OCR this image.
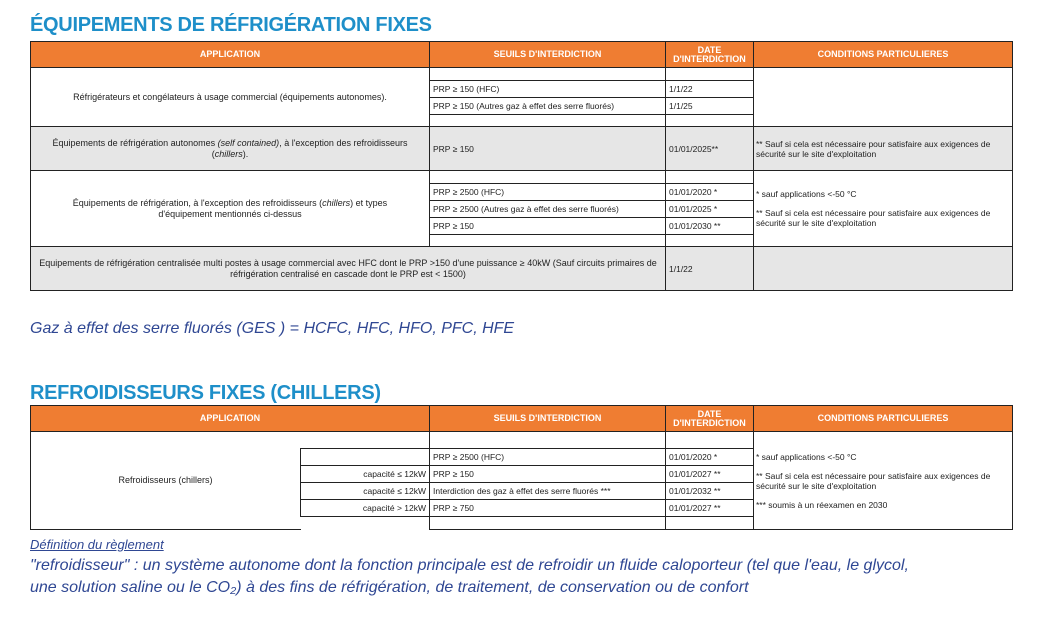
ÉQUIPEMENTS DE RÉFRIGÉRATION FIXES
APPLICATION	SEUILS D'INTERDICTION	DATE D'INTERDICTION	CONDITIONS PARTICULIERES
Réfrigérateurs et congélateurs à usage commercial (équipements autonomes).			
	PRP ≥ 150 (HFC)	1/1/22	
	PRP ≥ 150 (Autres gaz à effet des serre fluorés)	1/1/25	

Équipements de réfrigération autonomes (self contained), à l'exception des refroidisseurs (chillers).	PRP ≥ 150	01/01/2025**	** Sauf si cela est nécessaire pour satisfaire aux exigences de sécurité sur le site d'exploitation
Équipements de réfrigération, à l'exception des refroidisseurs (chillers) et types d'équipement mentionnés ci-dessus			* sauf applications <-50 °C

** Sauf si cela est nécessaire pour satisfaire aux exigences de sécurité sur le site d'exploitation

	PRP ≥ 2500 (HFC)	01/01/2020 *	
	PRP ≥ 2500 (Autres gaz à effet des serre fluorés)	01/01/2025 *	
	PRP ≥ 150	01/01/2030 **	

Equipements de réfrigération centralisée multi postes à usage commercial avec HFC dont le PRP >150 d'une puissance ≥ 40kW (Sauf circuits primaires de réfrigération centralisé en cascade dont le PRP est < 1500)		1/1/22	
Gaz à effet des serre fluorés (GES ) = HCFC, HFC, HFO, PFC, HFE
REFROIDISSEURS FIXES (CHILLERS)
APPLICATION		SEUILS D'INTERDICTION	DATE D'INTERDICTION	CONDITIONS PARTICULIERES
Refroidisseurs (chillers)				* sauf applications <-50 °C

** Sauf si cela est nécessaire pour satisfaire aux exigences de sécurité sur le site d'exploitation

*** soumis à un réexamen en 2030

		PRP ≥ 2500 (HFC)	01/01/2020 *	
	capacité ≤ 12kW	PRP ≥ 150	01/01/2027 **	
	capacité ≤ 12kW	Interdiction des gaz à effet des serre fluorés ***	01/01/2032 **	
	capacité > 12kW	PRP ≥ 750	01/01/2027 **	

Définition du règlement
"refroidisseur" : un système autonome dont la fonction principale est de refroidir un fluide caloporteur (tel que l'eau, le glycol,
une solution saline ou le CO₂) à des fins de réfrigération, de traitement, de conservation ou de confort
